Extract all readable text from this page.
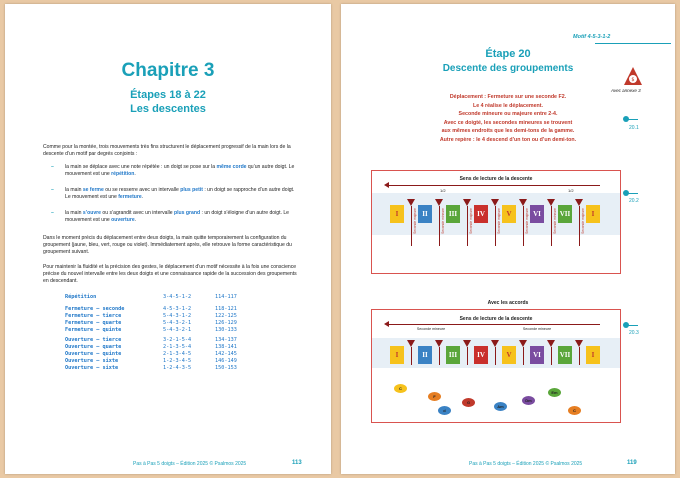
Chapitre 3
Étapes 18 à 22
Les descentes
Comme pour la montée, trois mouvements très fins structurent le déplacement progressif de la main lors de la descente d’un motif par degrés conjoints :
– la main se déplace avec une note répétée : un doigt se pose sur la même corde qu’un autre doigt. Le mouvement est une répétition.
– la main se ferme ou se resserre avec un intervalle plus petit : un doigt se rapproche d’un autre doigt. Le mouvement est une fermeture.
– la main s’ouvre ou s’agrandit avec un intervalle plus grand : un doigt s’éloigne d’un autre doigt. Le mouvement est une ouverture.
Dans le moment précis du déplacement entre deux doigts, la main quitte temporairement la configuration du groupement (jaune, bleu, vert, rouge ou violet). Immédiatement après, elle retrouve la forme caractéristique du groupement suivant.
Pour maintenir la fluidité et la précision des gestes, le déplacement d’un motif nécessite à la fois une conscience précise du nouvel intervalle entre les deux doigts et une connaissance rapide de la succession des groupements en descendant.
Répétition	3-4-5-1-2	114-117
Fermeture – seconde	4-5-3-1-2	118-121
Fermeture – tierce	5-4-3-1-2	122-125
Fermeture – quarte	5-4-3-2-1	126-129
Fermeture – quinte	5-4-3-2-1	130-133
Ouverture – tierce	3-2-1-5-4	134-137
Ouverture – quarte	2-1-3-5-4	138-141
Ouverture – quinte	2-1-3-4-5	142-145
Ouverture – sixte	1-2-3-4-5	146-149
Ouverture – sixte	1-2-4-3-5	150-153
Pas à Pas 5 doigts – Édition 2025 © Psalmos 2025	113
Motif 4-5-3-1-2
$
Avec annexe 3
Étape 20
Descente des groupements
Déplacement : Fermeture sur une seconde F2.
Le 4 réalise le déplacement.
Seconde mineure ou majeure entre 2-4.
Avec ce doigté, les secondes mineures se trouvent
aux mêmes endroits que les demi-tons de la gamme.
Autre repère : le 4 descend d’un ton ou d’un demi-ton.
20.1
20.2
20.3
Sens de lecture de la descente
1/2	1/2
I	Seconde majeure II	Seconde mineure III	Seconde majeure IV	Seconde majeure V	Seconde majeure VI	Seconde mineure VII	Seconde majeure I
Avec les accords
Sens de lecture de la descente
Seconde mineure	Seconde mineure
I	II	III	IV	V	VI	VII	I
C
F
G
Am
Dm
Em
C
d
Pas à Pas 5 doigts – Édition 2025 © Psalmos 2025	119
